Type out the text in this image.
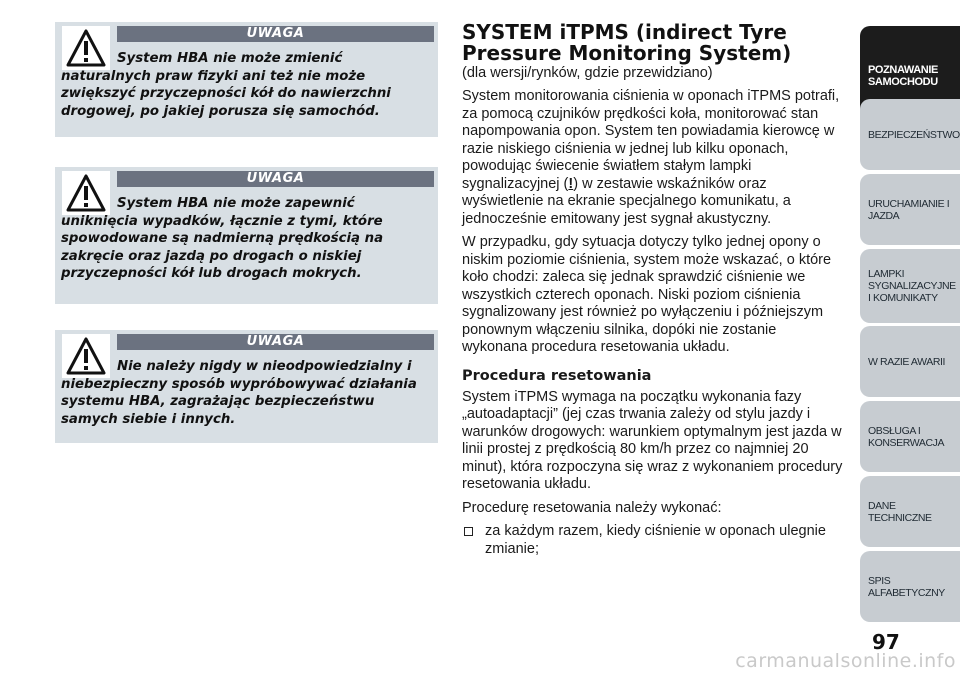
UWAGA
System HBA nie może zmienić naturalnych praw fizyki ani też nie może zwiększyć przyczepności kół do nawierzchni drogowej, po jakiej porusza się samochód.
UWAGA
System HBA nie może zapewnić uniknięcia wypadków, łącznie z tymi, które spowodowane są nadmierną prędkością na zakręcie oraz jazdą po drogach o niskiej przyczepności kół lub drogach mokrych.
UWAGA
Nie należy nigdy w nieodpowiedzialny i niebezpieczny sposób wypróbowywać działania systemu HBA, zagrażając bezpieczeństwu samych siebie i innych.
SYSTEM iTPMS (indirect Tyre Pressure Monitoring System)
(dla wersji/rynków, gdzie przewidziano)

System monitorowania ciśnienia w oponach iTPMS potrafi, za pomocą czujników prędkości koła, monitorować stan napompowania opon. System ten powiadamia kierowcę w razie niskiego ciśnienia w jednej lub kilku oponach, powodując świecenie światłem stałym lampki sygnalizacyjnej (!) w zestawie wskaźników oraz wyświetlenie na ekranie specjalnego komunikatu, a jednocześnie emitowany jest sygnał akustyczny.

W przypadku, gdy sytuacja dotyczy tylko jednej opony o niskim poziomie ciśnienia, system może wskazać, o które koło chodzi: zaleca się jednak sprawdzić ciśnienie we wszystkich czterech oponach. Niski poziom ciśnienia sygnalizowany jest również po wyłączeniu i późniejszym ponownym włączeniu silnika, dopóki nie zostanie wykonana procedura resetowania układu.

Procedura resetowania

System iTPMS wymaga na początku wykonania fazy „autoadaptacji” (jej czas trwania zależy od stylu jazdy i warunków drogowych: warunkiem optymalnym jest jazda w linii prostej z prędkością 80 km/h przez co najmniej 20 minut), która rozpoczyna się wraz z wykonaniem procedury resetowania układu.

Procedurę resetowania należy wykonać:

za każdym razem, kiedy ciśnienie w oponach ulegnie zmianie;
POZNAWANIE SAMOCHODU
BEZPIECZEŃSTWO
URUCHAMIANIE I JAZDA
LAMPKI SYGNALIZACYJNE I KOMUNIKATY
W RAZIE AWARII
OBSŁUGA I KONSERWACJA
DANE TECHNICZNE
SPIS ALFABETYCZNY
97
carmanualsonline.info
